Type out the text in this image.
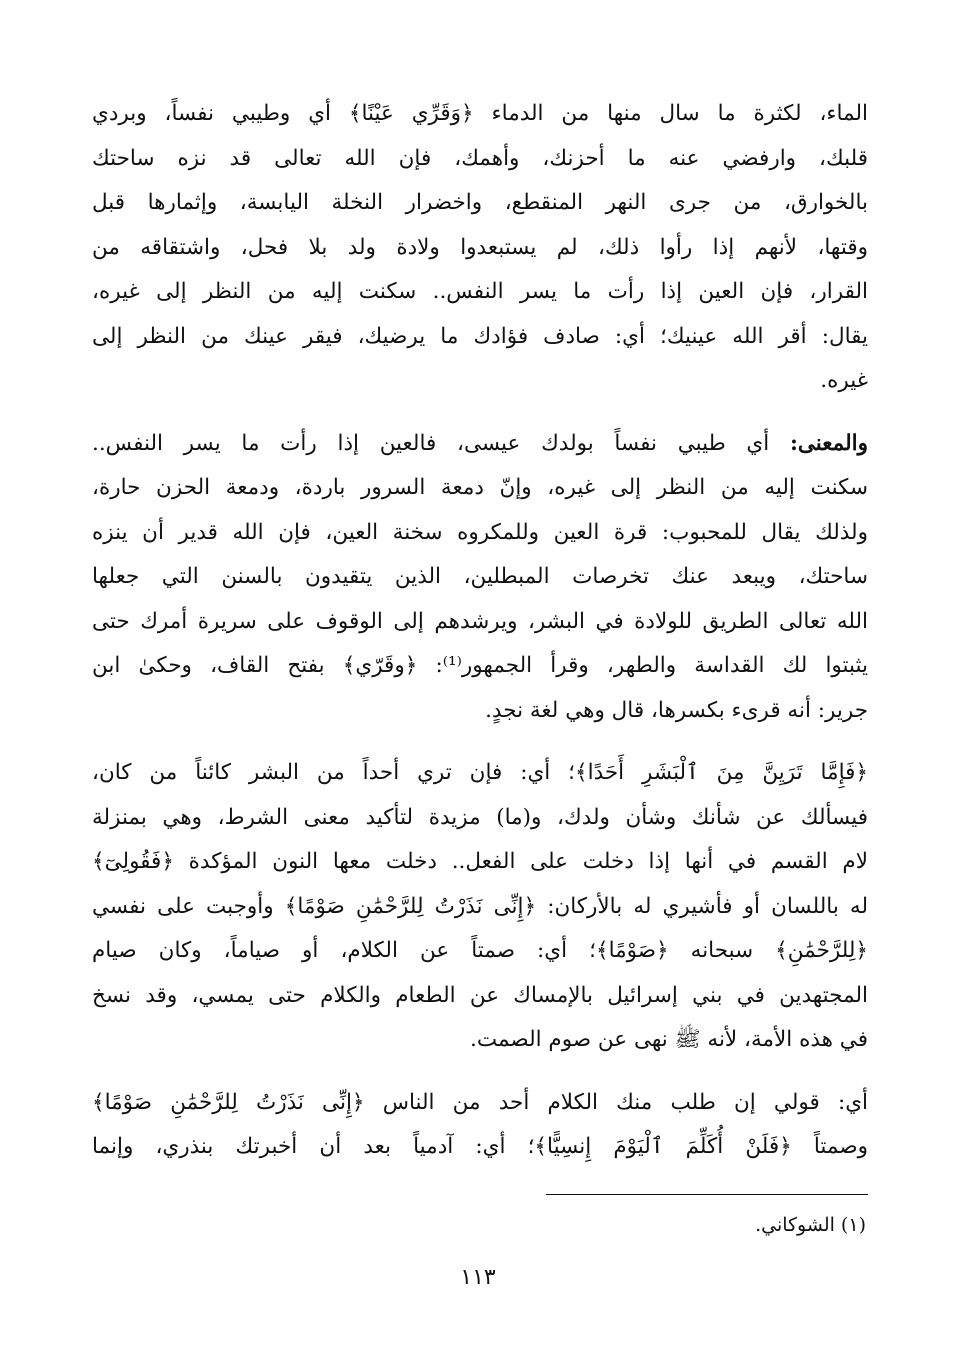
الماء، لكثرة ما سال منها من الدماء ﴿وَقَرِّي عَيْنًا﴾ أي وطيبي نفساً، وبردي
قلبك، وارفضي عنه ما أحزنك، وأهمك، فإن الله تعالى قد نزه ساحتك
بالخوارق، من جرى النهر المنقطع، واخضرار النخلة اليابسة، وإثمارها قبل
وقتها، لأنهم إذا رأوا ذلك، لم يستبعدوا ولادة ولد بلا فحل، واشتقاقه من
القرار، فإن العين إذا رأت ما يسر النفس.. سكنت إليه من النظر إلى غيره،
يقال: أقر الله عينيك؛ أي: صادف فؤادك ما يرضيك، فيقر عينك من النظر إلى
غيره.

والمعنى: أي طيبي نفساً بولدك عيسى، فالعين إذا رأت ما يسر النفس..
سكنت إليه من النظر إلى غيره، وإنّ دمعة السرور باردة، ودمعة الحزن حارة،
ولذلك يقال للمحبوب: قرة العين وللمكروه سخنة العين، فإن الله قدير أن ينزه
ساحتك، ويبعد عنك تخرصات المبطلين، الذين يتقيدون بالسنن التي جعلها
الله تعالى الطريق للولادة في البشر، ويرشدهم إلى الوقوف على سريرة أمرك حتى
يثبتوا لك القداسة والطهر، وقرأ الجمهور⁽¹⁾: ﴿وقَرّي﴾ بفتح القاف، وحكىٰ ابن
جرير: أنه قرىء بكسرها، قال وهي لغة نجدٍ.

﴿فَإِمَّا تَرَيِنَّ مِنَ ٱلْبَشَرِ أَحَدًا﴾؛ أي: فإن تري أحداً من البشر كائناً من كان،
فيسألك عن شأنك وشأن ولدك، و(ما) مزيدة لتأكيد معنى الشرط، وهي بمنزلة
لام القسم في أنها إذا دخلت على الفعل.. دخلت معها النون المؤكدة ﴿فَقُولِىٓ﴾
له باللسان أو فأشيري له بالأركان: ﴿إِنِّى نَذَرْتُ لِلرَّحْمَٰنِ صَوْمًا﴾ وأوجبت على نفسي
﴿لِلرَّحْمَٰنِ﴾ سبحانه ﴿صَوْمًا﴾؛ أي: صمتاً عن الكلام، أو صياماً، وكان صيام
المجتهدين في بني إسرائيل بالإمساك عن الطعام والكلام حتى يمسي، وقد نسخ
في هذه الأمة، لأنه ﷺ نهى عن صوم الصمت.

أي: قولي إن طلب منك الكلام أحد من الناس ﴿إِنِّى نَذَرْتُ لِلرَّحْمَٰنِ صَوْمًا﴾
وصمتاً ﴿فَلَنْ أُكَلِّمَ ٱلْيَوْمَ إِنسِيًّا﴾؛ أي: آدمياً بعد أن أخبرتك بنذري، وإنما

(١) الشوكاني.
١١٣
